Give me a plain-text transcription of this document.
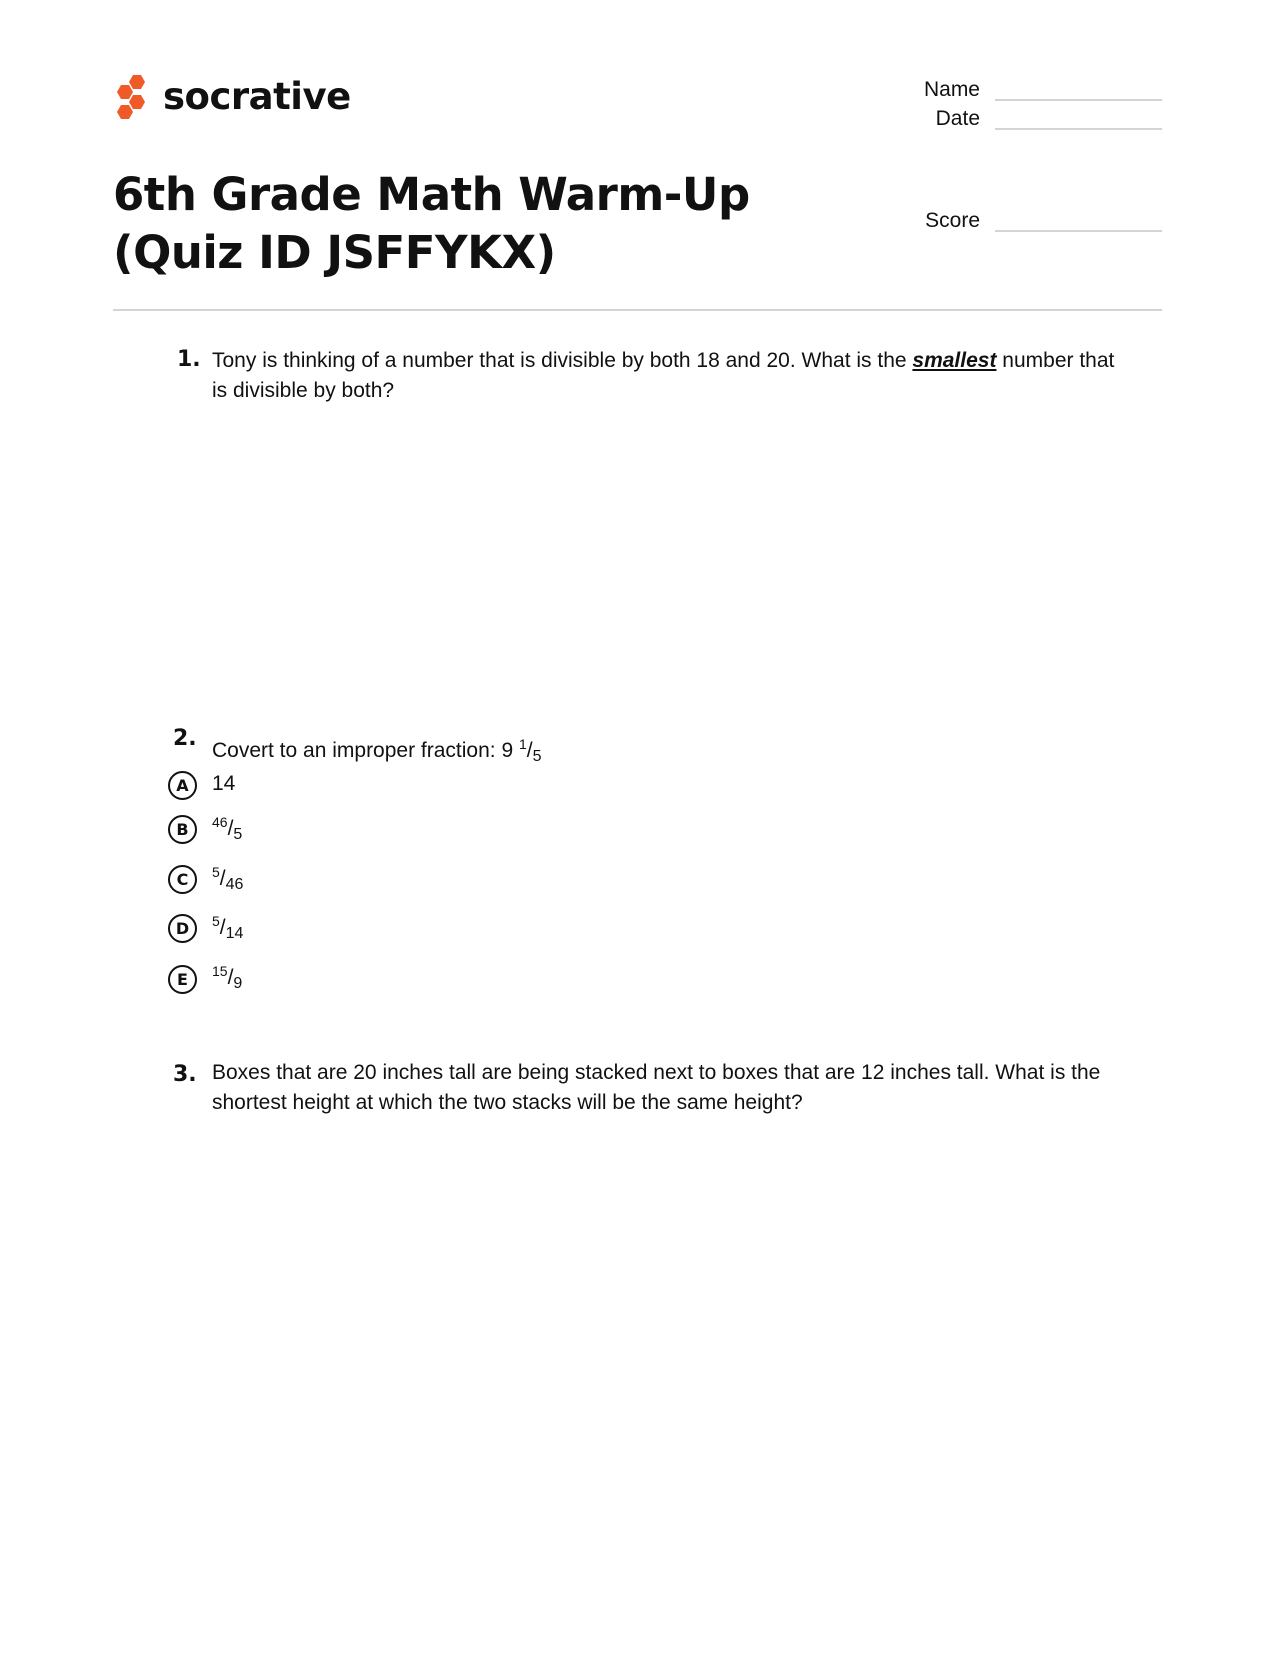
socrative	Name
Date
Score
6th Grade Math Warm-Up (Quiz ID JSFFYKX)
1. Tony is thinking of a number that is divisible by both 18 and 20. What is the smallest number that is divisible by both?
2. Covert to an improper fraction: 9 $^1/_5$
A	14
B	$^{46}/_5$
C	$^5/_{46}$
D	$^5/_{14}$
E	$^{15}/_9$
3. Boxes that are 20 inches tall are being stacked next to boxes that are 12 inches tall. What is the shortest height at which the two stacks will be the same height?
